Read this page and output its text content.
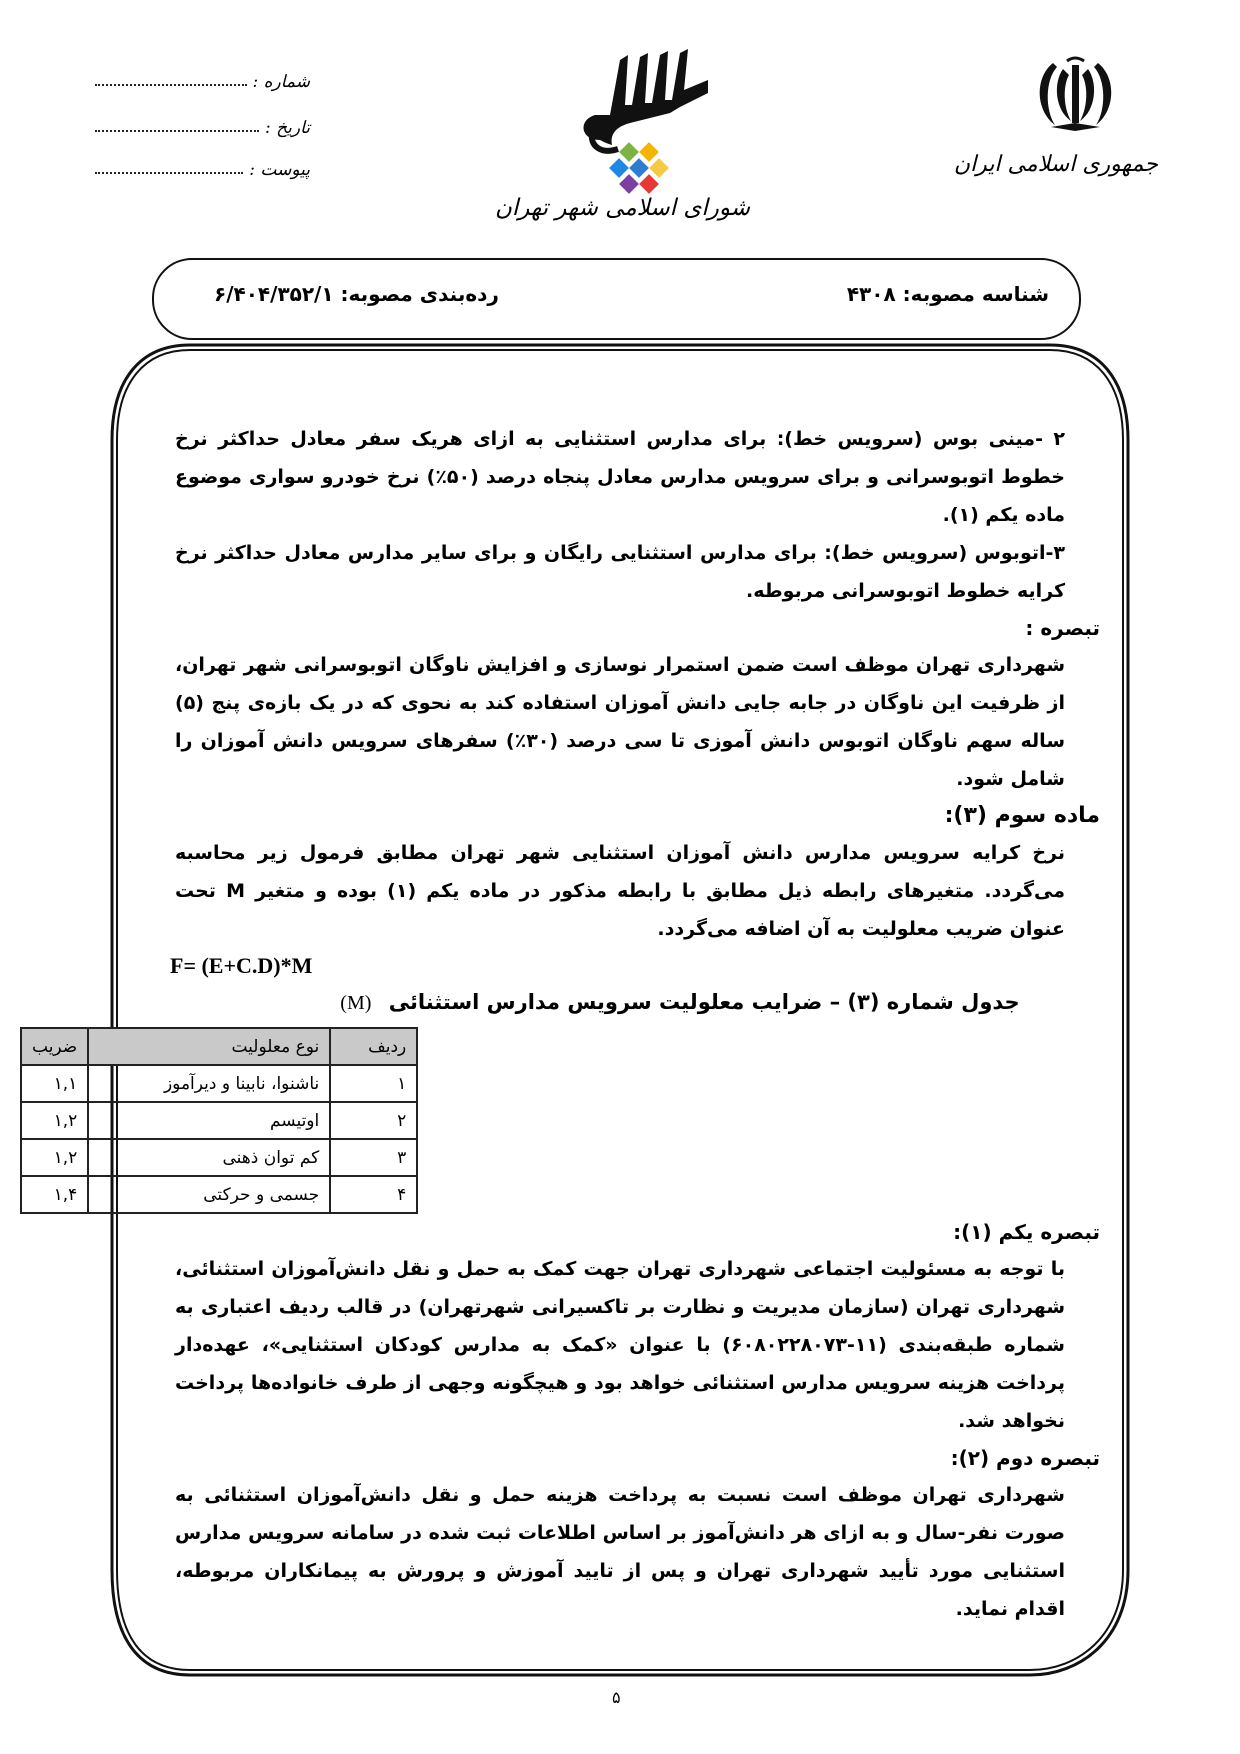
شماره :
تاریخ :
پیوست :
شورای اسلامی شهر تهران
جمهوری اسلامی ایران
شناسه مصوبه: ۴۳۰۸
رده‌بندی مصوبه: ۶/۴۰۴/۳۵۲/۱

۲ -مینی بوس (سرویس خط): برای مدارس استثنایی به ازای هریک سفر معادل حداکثر نرخ خطوط اتوبوسرانی و برای سرویس مدارس معادل پنجاه درصد (۵۰٪) نرخ خودرو سواری موضوع ماده یکم (۱).

۳-اتوبوس (سرویس خط): برای مدارس استثنایی رایگان و برای سایر مدارس معادل حداکثر نرخ کرایه خطوط اتوبوسرانی مربوطه.

تبصره :

شهرداری تهران موظف است ضمن استمرار نوسازی و افزایش ناوگان اتوبوسرانی شهر تهران، از ظرفیت این ناوگان در جابه جایی دانش آموزان استفاده کند به نحوی که در یک بازه‌ی پنج (۵) ساله سهم ناوگان اتوبوس دانش آموزی تا سی درصد (۳۰٪) سفرهای سرویس دانش آموزان را شامل شود.

ماده سوم (۳):

نرخ کرایه سرویس مدارس دانش آموزان استثنایی شهر تهران مطابق فرمول زیر محاسبه می‌گردد. متغیرهای رابطه ذیل مطابق با رابطه مذکور در ماده یکم (۱) بوده و متغیر M تحت عنوان ضریب معلولیت به آن اضافه می‌گردد.

F= (E+C.D)*M

جدول شماره (۳) – ضرایب معلولیت سرویس مدارس استثنائی (M)

ردیف	نوع معلولیت	ضریب
۱	ناشنوا، نابینا و دیرآموز	۱,۱
۲	اوتیسم	۱,۲
۳	کم توان ذهنی	۱,۲
۴	جسمی و حرکتی	۱,۴

تبصره یکم (۱):

با توجه به مسئولیت اجتماعی شهرداری تهران جهت کمک به حمل و نقل دانش‌آموزان استثنائی، شهرداری تهران (سازمان مدیریت و نظارت بر تاکسیرانی شهرتهران) در قالب ردیف اعتباری به شماره طبقه‌بندی (۱۱-۶۰۸۰۲۲۸۰۷۳) با عنوان «کمک به مدارس کودکان استثنایی»، عهده‌دار پرداخت هزینه سرویس مدارس استثنائی خواهد بود و هیچگونه وجهی از طرف خانواده‌ها پرداخت نخواهد شد.

تبصره دوم (۲):

شهرداری تهران موظف است نسبت به پرداخت هزینه حمل و نقل دانش‌آموزان استثنائی به صورت نفر-سال و به ازای هر دانش‌آموز بر اساس اطلاعات ثبت شده در سامانه سرویس مدارس استثنایی مورد تأیید شهرداری تهران و پس از تایید آموزش و پرورش به پیمانکاران مربوطه، اقدام نماید.

۵
